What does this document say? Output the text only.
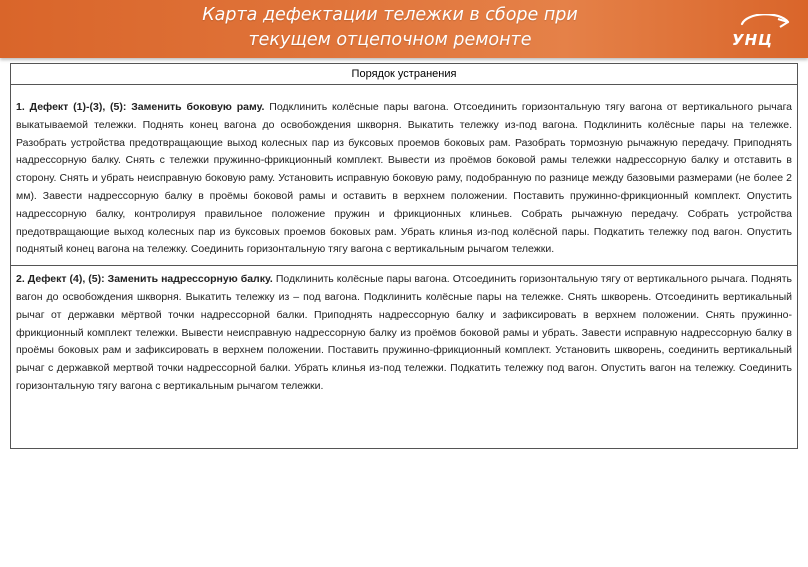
Карта дефектации тележки в сборе при
текущем отцепочном ремонте	УНЦ
Порядок устранения
1. Дефект (1)-(3), (5): Заменить боковую раму. Подклинить колёсные пары вагона. Отсоединить горизонтальную тягу вагона от вертикального рычага выкатываемой тележки. Поднять конец вагона до освобождения шкворня. Выкатить тележку из-под вагона. Подклинить колёсные пары на тележке. Разобрать устройства предотвращающие выход колесных пар из буксовых проемов боковых рам. Разобрать тормозную рычажную передачу. Приподнять надрессорную балку. Снять с тележки пружинно-фрикционный комплект. Вывести из проёмов боковой рамы тележки надрессорную балку и отставить в сторону. Снять и убрать неисправную боковую раму. Установить исправную боковую раму, подобранную по разнице между базовыми размерами (не более 2 мм). Завести надрессорную балку в проёмы боковой рамы и оставить в верхнем положении. Поставить пружинно-фрикционный комплект. Опустить надрессорную балку, контролируя правильное положение пружин и фрикционных клиньев. Собрать рычажную передачу. Собрать устройства предотвращающие выход колесных пар из буксовых проемов боковых рам. Убрать клинья из-под колёсной пары. Подкатить тележку под вагон. Опустить поднятый конец вагона на тележку. Соединить горизонтальную тягу вагона с вертикальным рычагом тележки.
2. Дефект (4), (5): Заменить надрессорную балку. Подклинить колёсные пары вагона. Отсоединить горизонтальную тягу от вертикального рычага. Поднять вагон до освобождения шкворня. Выкатить тележку из – под вагона. Подклинить колёсные пары на тележке. Снять шкворень. Отсоединить вертикальный рычаг от державки мёртвой точки надрессорной балки. Приподнять надрессорную балку и зафиксировать в верхнем положении. Снять пружинно-фрикционный комплект тележки. Вывести неисправную надрессорную балку из проёмов боковой рамы и убрать. Завести исправную надрессорную балку в проёмы боковых рам и зафиксировать в верхнем положении. Поставить пружинно-фрикционный комплект. Установить шкворень, соединить вертикальный рычаг с державкой мертвой точки надрессорной балки. Убрать клинья из-под тележки. Подкатить тележку под вагон. Опустить вагон на тележку. Соединить горизонтальную тягу вагона с вертикальным рычагом тележки.
